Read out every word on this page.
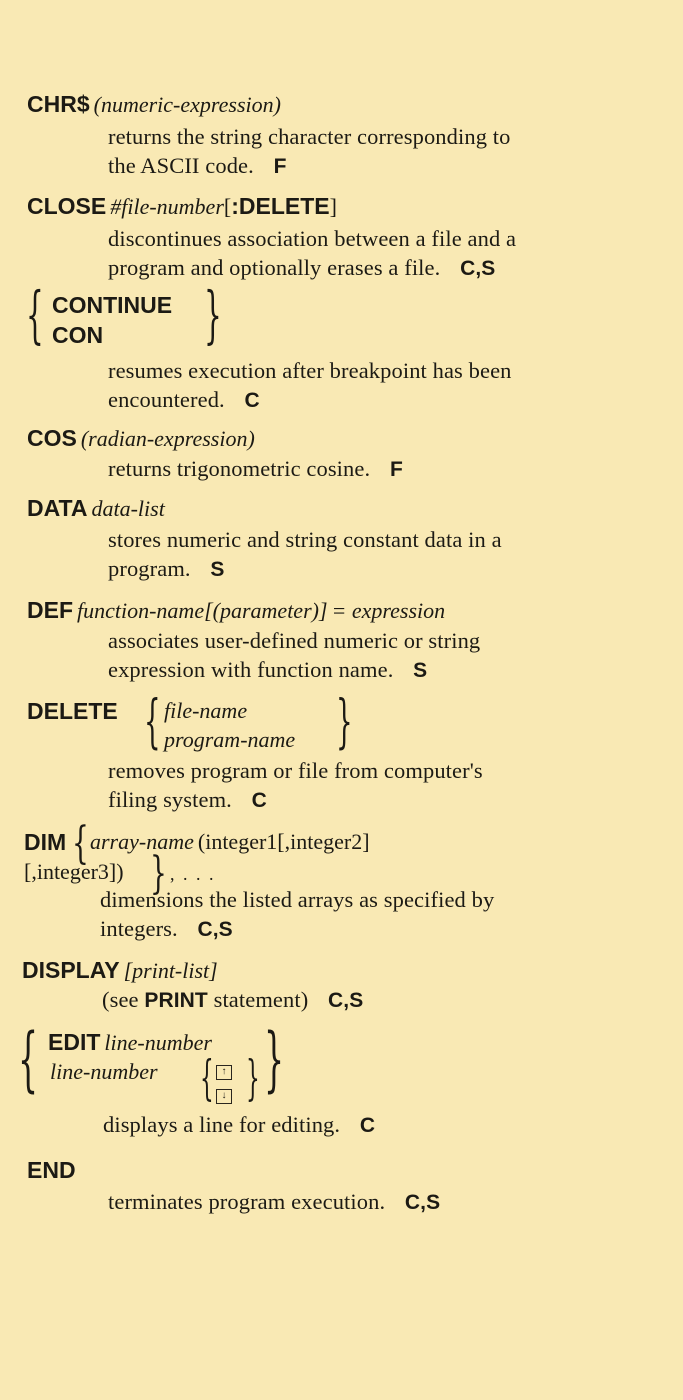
CHR$ (numeric-expression)
returns the string character corresponding to
the ASCII code. F
CLOSE #file-number[:DELETE]
discontinues association between a file and a
program and optionally erases a file. C,S
{ CONTINUE
CON }
resumes execution after breakpoint has been
encountered. C
COS (radian-expression)
returns trigonometric cosine. F
DATA data-list
stores numeric and string constant data in a
program. S
DEF function-name[(parameter)] = expression
associates user-defined numeric or string
expression with function name. S
DELETE { file-name
program-name }
removes program or file from computer's
filing system. C
DIM { array-name (integer1[,integer2]
[,integer3]) } , . . .
dimensions the listed arrays as specified by
integers. C,S
DISPLAY [print-list]
(see PRINT statement) C,S
{ EDIT line-number
line-number { ↑
↓ } }
displays a line for editing. C
END
terminates program execution. C,S
